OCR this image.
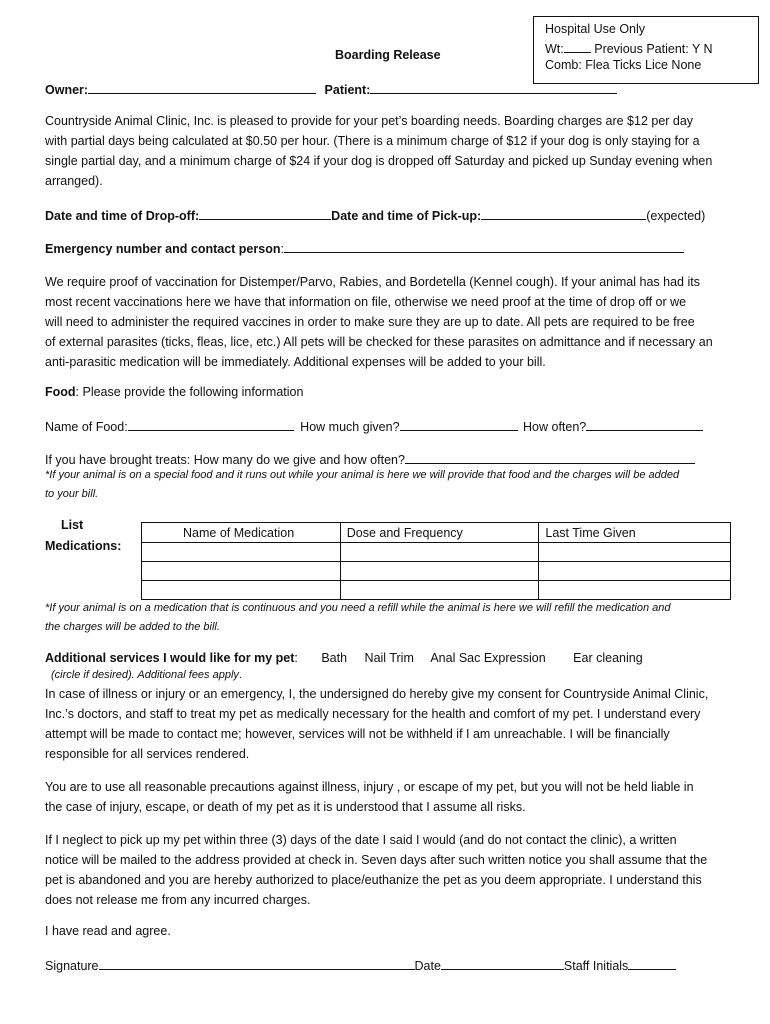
Hospital Use Only
Wt: Previous Patient: Y N
Comb: Flea Ticks Lice None
Boarding Release
Owner:	Patient:

Countryside Animal Clinic, Inc. is pleased to provide for your pet’s boarding needs. Boarding charges are $12 per day

with partial days being calculated at $0.50 per hour. (There is a minimum charge of $12 if your dog is only staying for a

single partial day, and a minimum charge of $24 if your dog is dropped off Saturday and picked up Sunday evening when

arranged).

Date and time of Drop-off:	Date and time of Pick-up:	(expected)
Emergency number and contact person:

We require proof of vaccination for Distemper/Parvo, Rabies, and Bordetella (Kennel cough). If your animal has had its

most recent vaccinations here we have that information on file, otherwise we need proof at the time of drop off or we

will need to administer the required vaccines in order to make sure they are up to date. All pets are required to be free

of external parasites (ticks, fleas, lice, etc.) All pets will be checked for these parasites on admittance and if necessary an

anti-parasitic medication will be immediately. Additional expenses will be added to your bill.

Food: Please provide the following information
Name of Food:	How much given?	How often?
If you have brought treats: How many do we give and how often?

*If your animal is on a special food and it runs out while your animal is here we will provide that food and the charges will be added

to your bill.

List
Medications:
Name of Medication	Dose and Frequency	Last Time Given

*If your animal is on a medication that is continuous and you need a refill while the animal is here we will refill the medication and

the charges will be added to the bill.

Additional services I would like for my pet: Bath Nail Trim Anal Sac Expression Ear cleaning
(circle if desired). Additional fees apply.

In case of illness or injury or an emergency, I, the undersigned do hereby give my consent for Countryside Animal Clinic,

Inc.’s doctors, and staff to treat my pet as medically necessary for the health and comfort of my pet. I understand every

attempt will be made to contact me; however, services will not be withheld if I am unreachable. I will be financially

responsible for all services rendered.

You are to use all reasonable precautions against illness, injury , or escape of my pet, but you will not be held liable in

the case of injury, escape, or death of my pet as it is understood that I assume all risks.

If I neglect to pick up my pet within three (3) days of the date I said I would (and do not contact the clinic), a written

notice will be mailed to the address provided at check in. Seven days after such written notice you shall assume that the

pet is abandoned and you are hereby authorized to place/euthanize the pet as you deem appropriate. I understand this

does not release me from any incurred charges.

I have read and agree.
Signature	Date	Staff Initials
